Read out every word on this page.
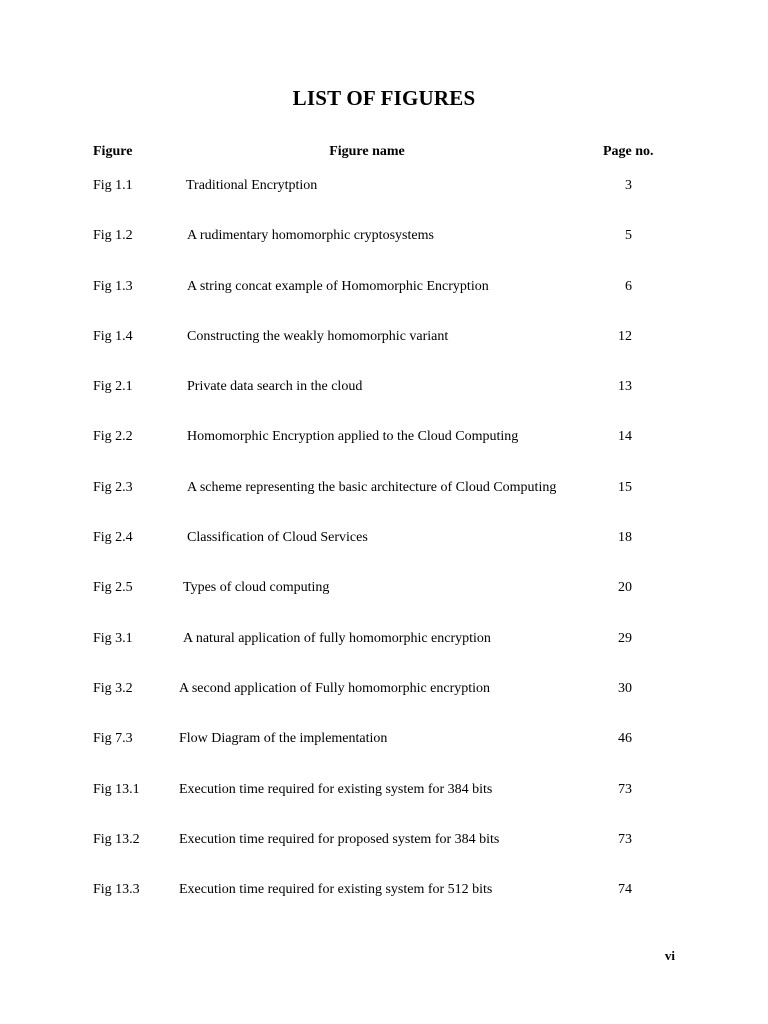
LIST OF FIGURES
Figure	Figure name	Page no.
Fig 1.1	Traditional Encrytption	3
Fig 1.2	A rudimentary homomorphic cryptosystems	5
Fig 1.3	A string concat example of Homomorphic Encryption	6
Fig 1.4	Constructing the weakly homomorphic variant	12
Fig 2.1	Private data search in the cloud	13
Fig 2.2	Homomorphic Encryption applied to the Cloud Computing	14
Fig 2.3	A scheme representing the basic architecture of Cloud Computing	15
Fig 2.4	Classification of Cloud Services	18
Fig 2.5	Types of cloud computing	20
Fig 3.1	A natural application of fully homomorphic encryption	29
Fig 3.2	A second application of Fully homomorphic encryption	30
Fig 7.3	Flow Diagram of the implementation	46
Fig 13.1	Execution time required for existing system for 384 bits	73
Fig 13.2	Execution time required for proposed system for 384 bits	73
Fig 13.3	Execution time required for existing system for 512 bits	74
vi
